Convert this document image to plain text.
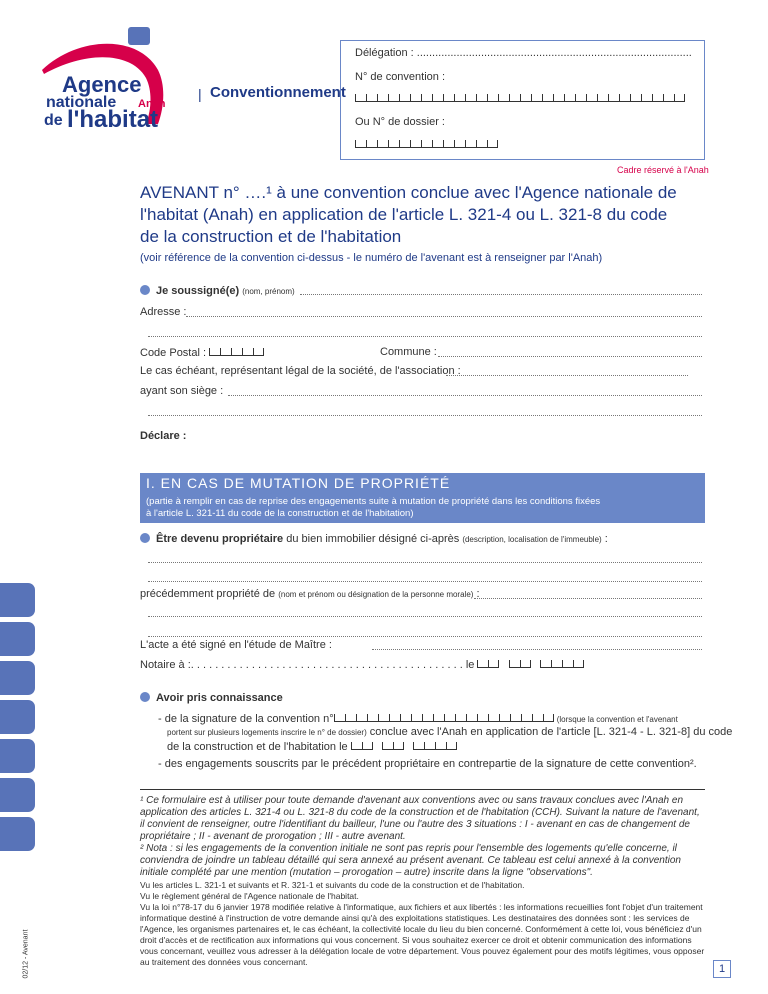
Agence
nationale Anah
de l'habitat
| Conventionnement
Délégation : ..........................................................................................
N° de convention :
Ou N° de dossier :
Cadre réservé à l'Anah
AVENANT n° ….¹ à une convention conclue avec l'Agence nationale de
l'habitat (Anah) en application de l'article L. 321-4 ou L. 321-8 du code
de la construction et de l'habitation
(voir référence de la convention ci-dessus - le numéro de l'avenant est à renseigner par l'Anah)
Je soussigné(e) (nom, prénom)
Adresse :
Code Postal :	Commune :
Le cas échéant, représentant légal de la société, de l'association :
ayant son siège :
Déclare :
I. EN CAS DE MUTATION DE PROPRIÉTÉ
(partie à remplir en cas de reprise des engagements suite à mutation de propriété dans les conditions fixées
à l'article L. 321-11 du code de la construction et de l'habitation)
Être devenu propriétaire du bien immobilier désigné ci-après (description, localisation de l'immeuble) :
précédemment propriété de (nom et prénom ou désignation de la personne morale) :
L'acte a été signé en l'étude de Maître :
Notaire à :. . . . . . . . . . . . . . . . . . . . . . . . . . . . . . . . . . . . . . . . . . . . . le

Avoir pris connaissance
- de la signature de la convention n°	(lorsque la convention et l'avenant
portent sur plusieurs logements inscrire le n° de dossier) conclue avec l'Anah en application de l'article [L. 321-4 - L. 321-8] du code
de la construction et de l'habitation le

- des engagements souscrits par le précédent propriétaire en contrepartie de la signature de cette convention².
¹ Ce formulaire est à utiliser pour toute demande d'avenant aux conventions avec ou sans travaux conclues avec l'Anah en application des articles L. 321-4 ou L. 321-8 du code de la construction et de l'habitation (CCH). Suivant la nature de l'avenant, il convient de renseigner, outre l'identifiant du bailleur, l'une ou l'autre des 3 situations : I - avenant en cas de changement de propriétaire ; II - avenant de prorogation ; III - autre avenant.
² Nota : si les engagements de la convention initiale ne sont pas repris pour l'ensemble des logements qu'elle concerne, il conviendra de joindre un tableau détaillé qui sera annexé au présent avenant. Ce tableau est celui annexé à la convention initiale complété par une mention (mutation – prorogation – autre) inscrite dans la ligne "observations".
Vu les articles L. 321-1 et suivants et R. 321-1 et suivants du code de la construction et de l'habitation.
Vu le règlement général de l'Agence nationale de l'habitat.
Vu la loi n°78-17 du 6 janvier 1978 modifiée relative à l'informatique, aux fichiers et aux libertés : les informations recueillies font l'objet d'un traitement informatique destiné à l'instruction de votre demande ainsi qu'à des exploitations statistiques. Les destinataires des données sont : les services de l'Agence, les organismes partenaires et, le cas échéant, la collectivité locale du lieu du bien concerné. Conformément à cette loi, vous bénéficiez d'un droit d'accès et de rectification aux informations qui vous concernent. Si vous souhaitez exercer ce droit et obtenir communication des informations vous concernant, veuillez vous adresser à la délégation locale de votre département. Vous pouvez également pour des motifs légitimes, vous opposer au traitement des données vous concernant.
02/12 - Avenant	1
